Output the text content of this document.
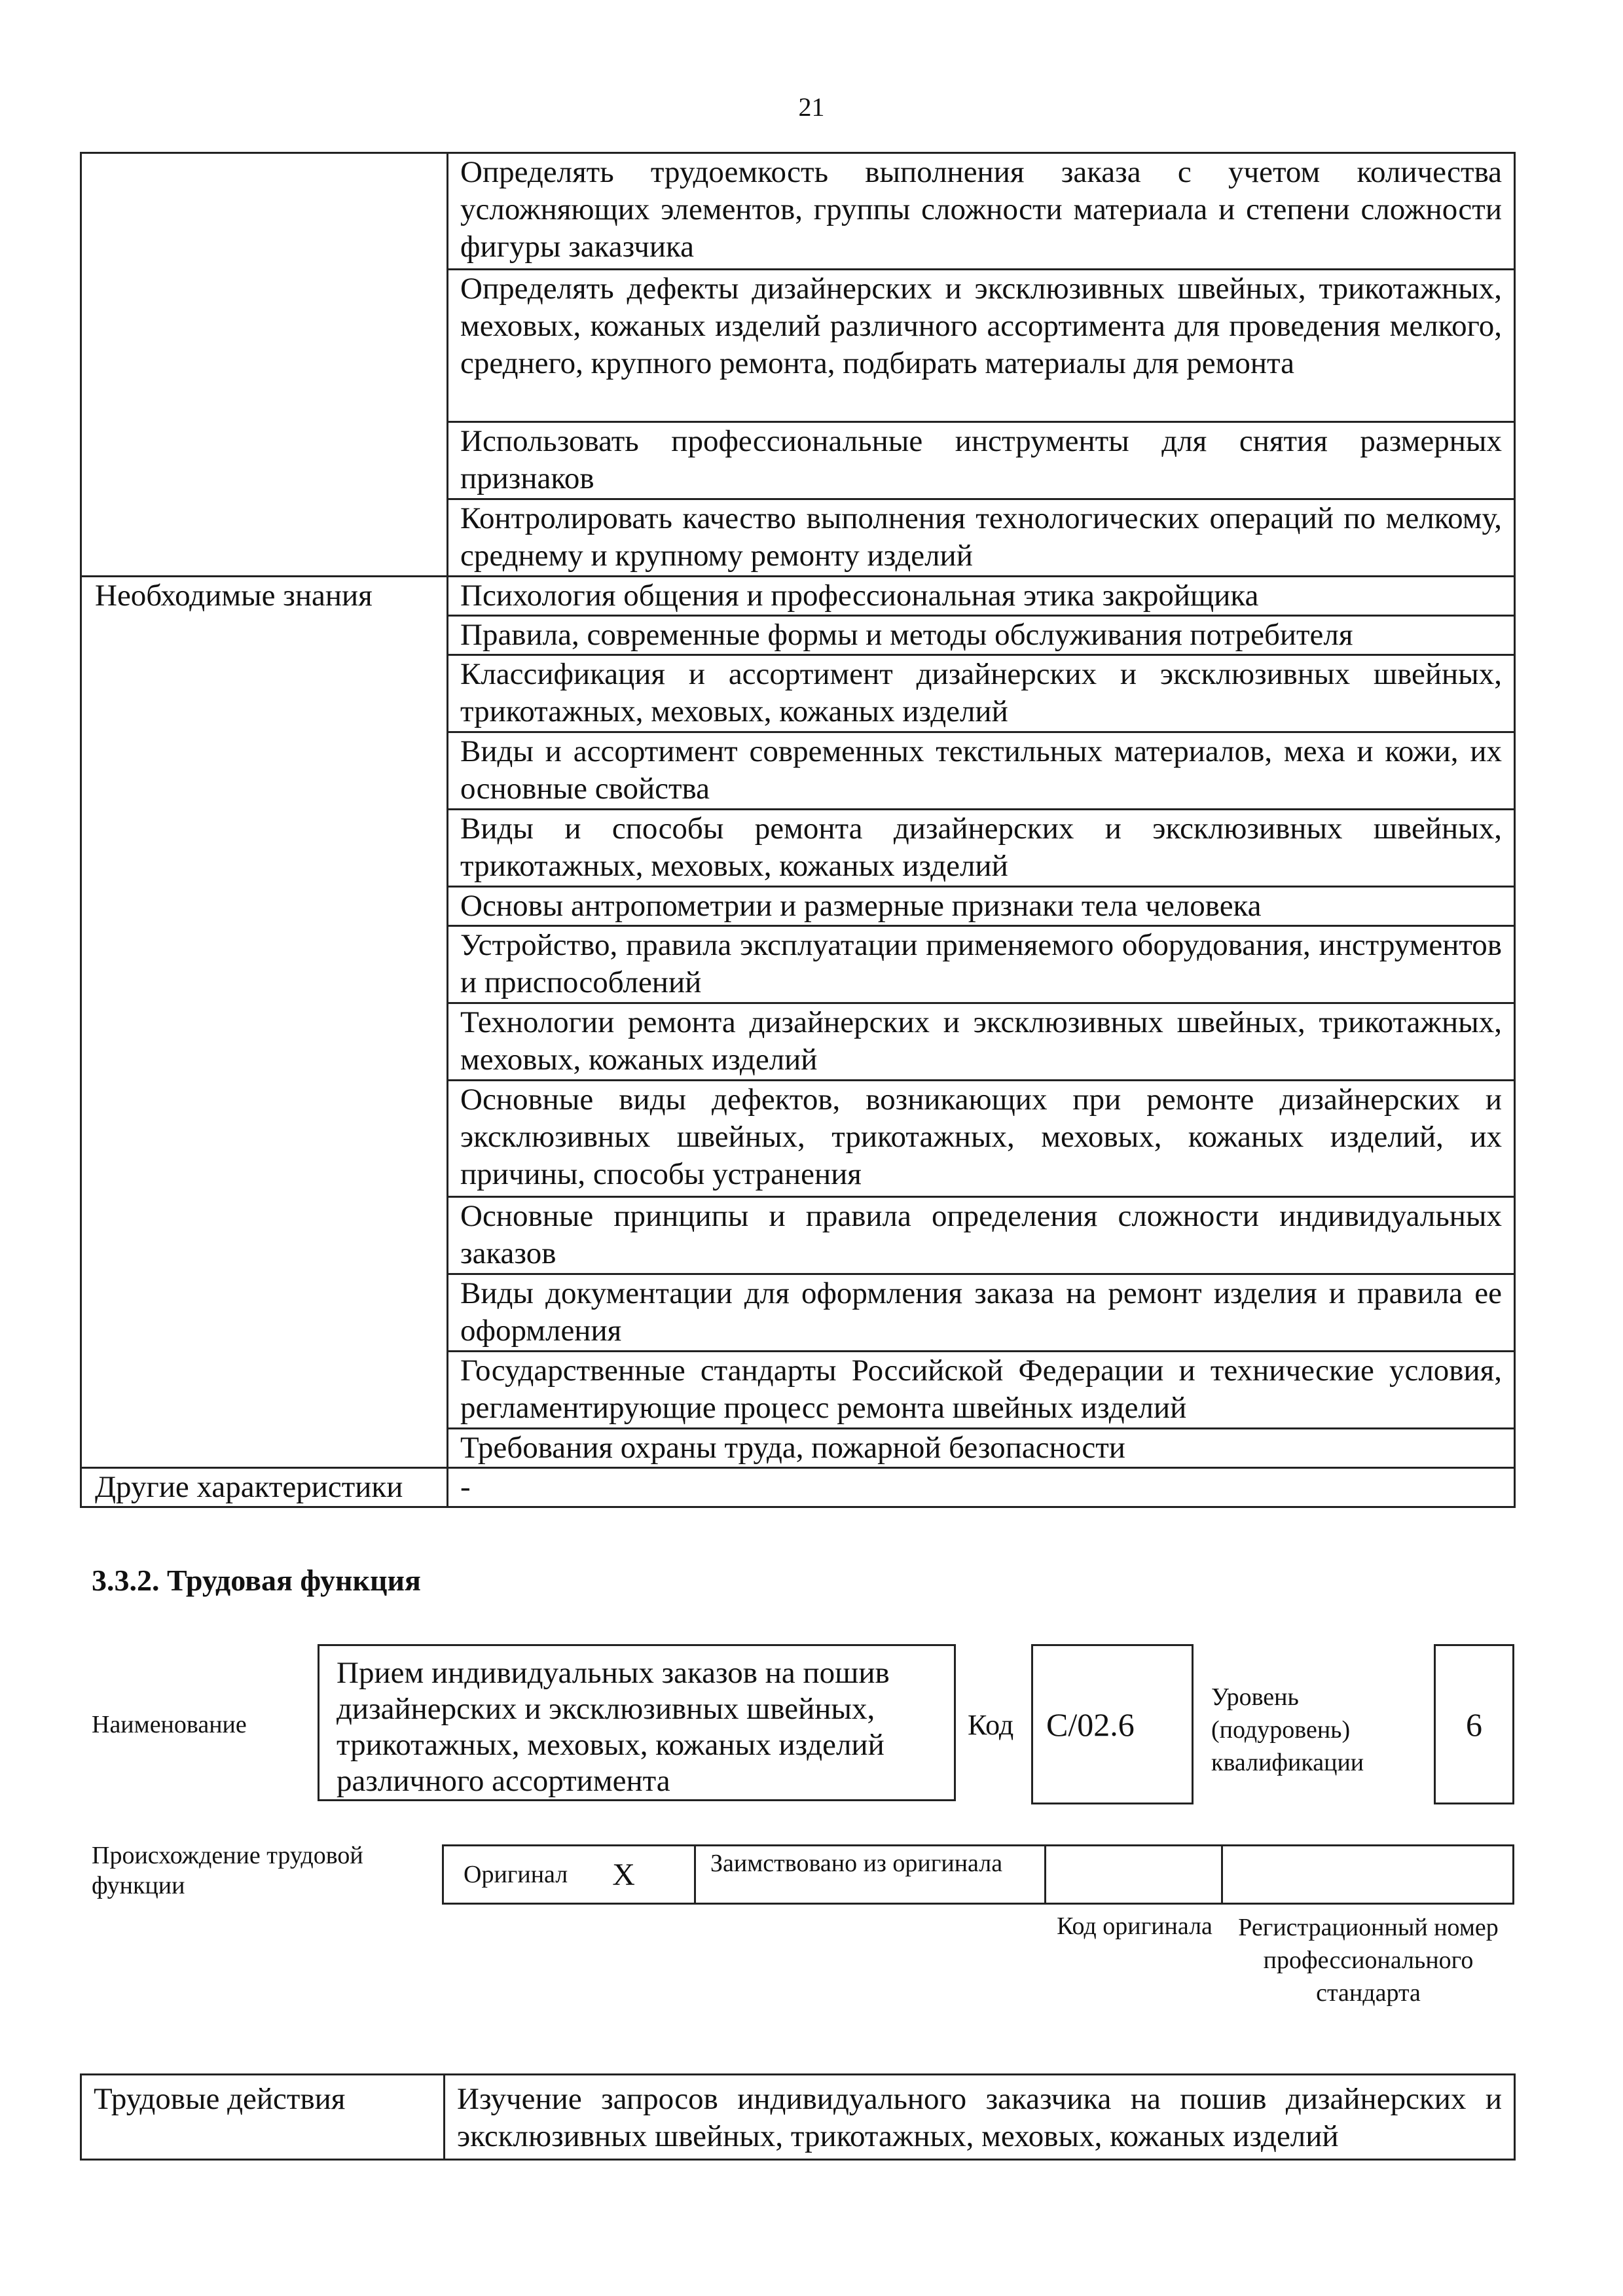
21
	Определять трудоемкость выполнения заказа с учетом количества усложняющих элементов, группы сложности материала и степени сложности фигуры заказчика
	Определять дефекты дизайнерских и эксклюзивных швейных, трикотажных, меховых, кожаных изделий различного ассортимента для проведения мелкого, среднего, крупного ремонта, подбирать материалы для ремонта
	Использовать профессиональные инструменты для снятия размерных признаков
	Контролировать качество выполнения технологических операций по мелкому, среднему и крупному ремонту изделий
Необходимые знания	Психология общения и профессиональная этика закройщика
	Правила, современные формы и методы обслуживания потребителя
	Классификация и ассортимент дизайнерских и эксклюзивных швейных, трикотажных, меховых, кожаных изделий
	Виды и ассортимент современных текстильных материалов, меха и кожи, их основные свойства
	Виды и способы ремонта дизайнерских и эксклюзивных швейных, трикотажных, меховых, кожаных изделий
	Основы антропометрии и размерные признаки тела человека
	Устройство, правила эксплуатации применяемого оборудования, инструментов и приспособлений
	Технологии ремонта дизайнерских и эксклюзивных швейных, трикотажных, меховых, кожаных изделий
	Основные виды дефектов, возникающих при ремонте дизайнерских и эксклюзивных швейных, трикотажных, меховых, кожаных изделий, их причины, способы устранения
	Основные принципы и правила определения сложности индивидуальных заказов
	Виды документации для оформления заказа на ремонт изделия и правила ее оформления
	Государственные стандарты Российской Федерации и технические условия, регламентирующие процесс ремонта швейных изделий
	Требования охраны труда, пожарной безопасности
Другие характеристики	-
3.3.2. Трудовая функция
Наименование
Прием индивидуальных заказов на пошив дизайнерских и эксклюзивных швейных, трикотажных, меховых, кожаных изделий различного ассортимента
Код C/02.6
Уровень (подуровень) квалификации
6
Происхождение трудовой функции	Оригинал X	Заимствовано из оригинала
Код оригинала	Регистрационный номер профессионального стандарта
Трудовые действия	Изучение запросов индивидуального заказчика на пошив дизайнерских и эксклюзивных швейных, трикотажных, меховых, кожаных изделий
